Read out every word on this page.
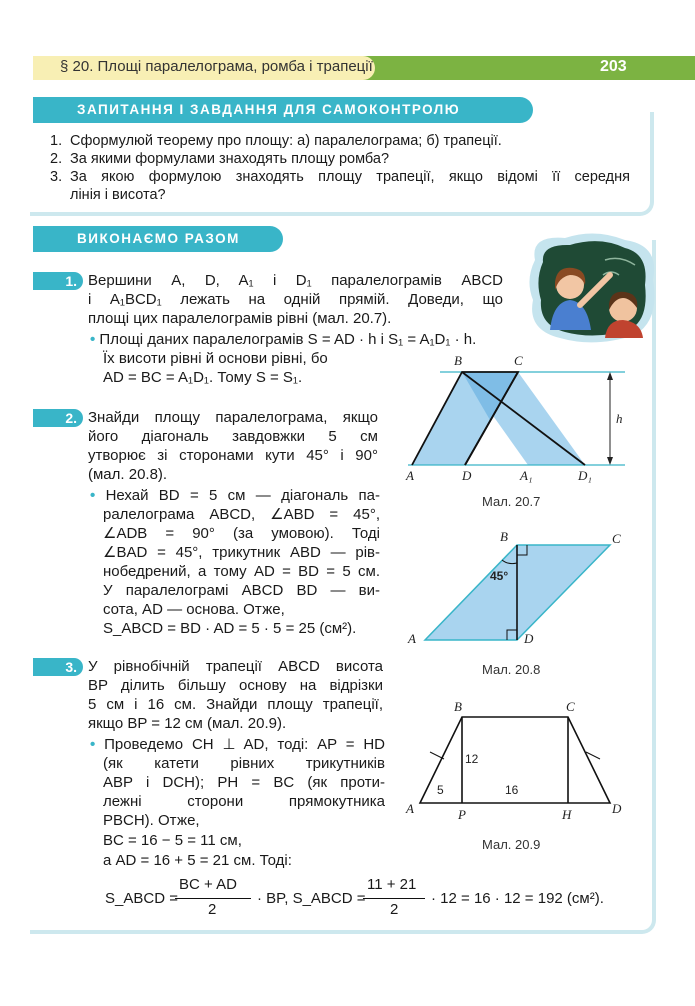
§ 20. Площі паралелограма, ромба і трапеції	203
ЗАПИТАННЯ І ЗАВДАННЯ ДЛЯ САМОКОНТРОЛЮ
1. Сформулюй теорему про площу: а) паралелограма; б) трапеції.
2. За якими формулами знаходять площу ромба?
3. За якою формулою знаходять площу трапеції, якщо відомі її середня
лінія і висота?
ВИКОНАЄМО РАЗОМ
1. Вершини A, D, A₁ і D₁ паралелограмів ABCD
і A₁BCD₁ лежать на одній прямій. Доведи, що
площі цих паралелограмів рівні (мал. 20.7).
• Площі даних паралелограмів S = AD · h і S₁ = A₁D₁ · h.
Їх висоти рівні й основи рівні, бо
AD = BC = A₁D₁. Тому S = S₁.
B	C
A	D	A₁	D₁
h
Мал. 20.7
2. Знайди площу паралелограма, якщо
його діагональ завдовжки 5 см
утворює зі сторонами кути 45° і 90°
(мал. 20.8).
• Нехай BD = 5 см — діагональ па-
ралелограма ABCD, ∠ABD = 45°,
∠ADB = 90° (за умовою). Тоді
∠BAD = 45°, трикутник ABD — рів-
нобедрений, а тому AD = BD = 5 см.
У паралелограмі ABCD BD — ви-
сота, AD — основа. Отже,
S_ABCD = BD · AD = 5 · 5 = 25 (см²).
45°
B	C
A	D
Мал. 20.8
3. У рівнобічній трапеції ABCD висота
BP ділить більшу основу на відрізки
5 см і 16 см. Знайди площу трапеції,
якщо BP = 12 см (мал. 20.9).
• Проведемо CH ⊥ AD, тоді: AP = HD
(як катети рівних трикутників
ABP і DCH); PH = BC (як проти-
лежні сторони прямокутника
PBCH). Отже,
BC = 16 − 5 = 11 см,
а AD = 16 + 5 = 21 см. Тоді:
12
5	16
B	C
A	P	H	D
Мал. 20.9
S_ABCD =
BC + AD
2
· BP, S_ABCD =
11 + 21
2
· 12 = 16 · 12 = 192 (см²).
